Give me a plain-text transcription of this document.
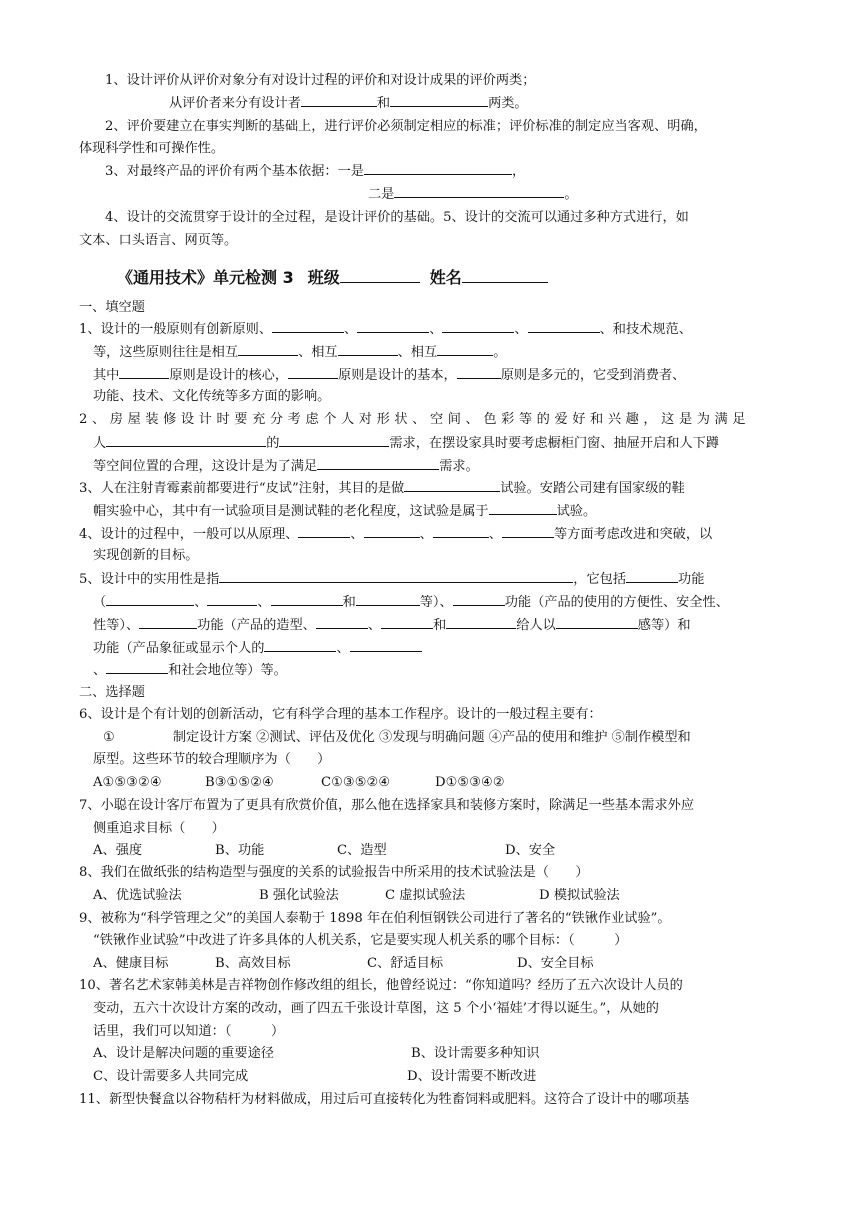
1、设计评价从评价对象分有对设计过程的评价和对设计成果的评价两类；
从评价者来分有设计者	和	两类。
2、评价要建立在事实判断的基础上，进行评价必须制定相应的标准；评价标准的制定应当客观、明确，
体现科学性和可操作性。
3、对最终产品的评价有两个基本依据：一是	，
二是	。
4、设计的交流贯穿于设计的全过程，是设计评价的基础。5、设计的交流可以通过多种方式进行，如
文本、口头语言、网页等。
《通用技术》单元检测 3 班级	姓名
一、填空题
1、设计的一般原则有创新原则、	、	、	、	、和技术规范、
等，这些原则往往是相互	、相互	、相互	。
其中	原则是设计的核心，	原则是设计的基本，	原则是多元的，它受到消费者、
功能、技术、文化传统等多方面的影响。
2、房屋装修设计时要充分考虑个人对形状、空间、色彩等的爱好和兴趣，这是为满足
人	的	需求，在摆设家具时要考虑橱柜门窗、抽屉开启和人下蹲
等空间位置的合理，这设计是为了满足	需求。
3、人在注射青霉素前都要进行“皮试”注射，其目的是做	试验。安踏公司建有国家级的鞋
帽实验中心，其中有一试验项目是测试鞋的老化程度，这试验是属于	试验。
4、设计的过程中，一般可以从原理、	、	、	、	等方面考虑改进和突破，以
实现创新的目标。
5、设计中的实用性是指	，它包括	功能
（	、	、	和	等）、	功能（产品的使用的方便性、安全性、
性等）、	功能（产品的造型、	、	和	给人以	感等）和
功能（产品象征或显示个人的	、
、	和社会地位等）等。
二、选择题
6、设计是个有计划的创新活动，它有科学合理的基本工作程序。设计的一般过程主要有：
①	制定设计方案 ②测试、评估及优化 ③发现与明确问题 ④产品的使用和维护 ⑤制作模型和
原型。这些环节的较合理顺序为（　　）
A①⑤③②④	B③①⑤②④	C①③⑤②④	D①⑤③④②
7、小聪在设计客厅布置为了更具有欣赏价值，那么他在选择家具和装修方案时，除满足一些基本需求外应
侧重追求目标（　　）
A、强度	B、功能	C、造型	D、安全
8、我们在做纸张的结构造型与强度的关系的试验报告中所采用的技术试验法是（　　）
A、优选试验法	B 强化试验法	C 虚拟试验法	D 模拟试验法
9、被称为“科学管理之父”的美国人泰勒于 1898 年在伯利恒钢铁公司进行了著名的“铁锹作业试验”。
“铁锹作业试验”中改进了许多具体的人机关系，它是要实现人机关系的哪个目标：（　　　）
A、健康目标	B、高效目标	C、舒适目标	D、安全目标
10、著名艺术家韩美林是吉祥物创作修改组的组长，他曾经说过：“你知道吗？经历了五六次设计人员的
变动，五六十次设计方案的改动，画了四五千张设计草图，这 5 个小‘福娃’才得以诞生。”，从她的
话里，我们可以知道：（　　　）
A、设计是解决问题的重要途径	B、设计需要多种知识
C、设计需要多人共同完成	D、设计需要不断改进
11、新型快餐盒以谷物秸杆为材料做成，用过后可直接转化为牲畜饲料或肥料。这符合了设计中的哪项基
